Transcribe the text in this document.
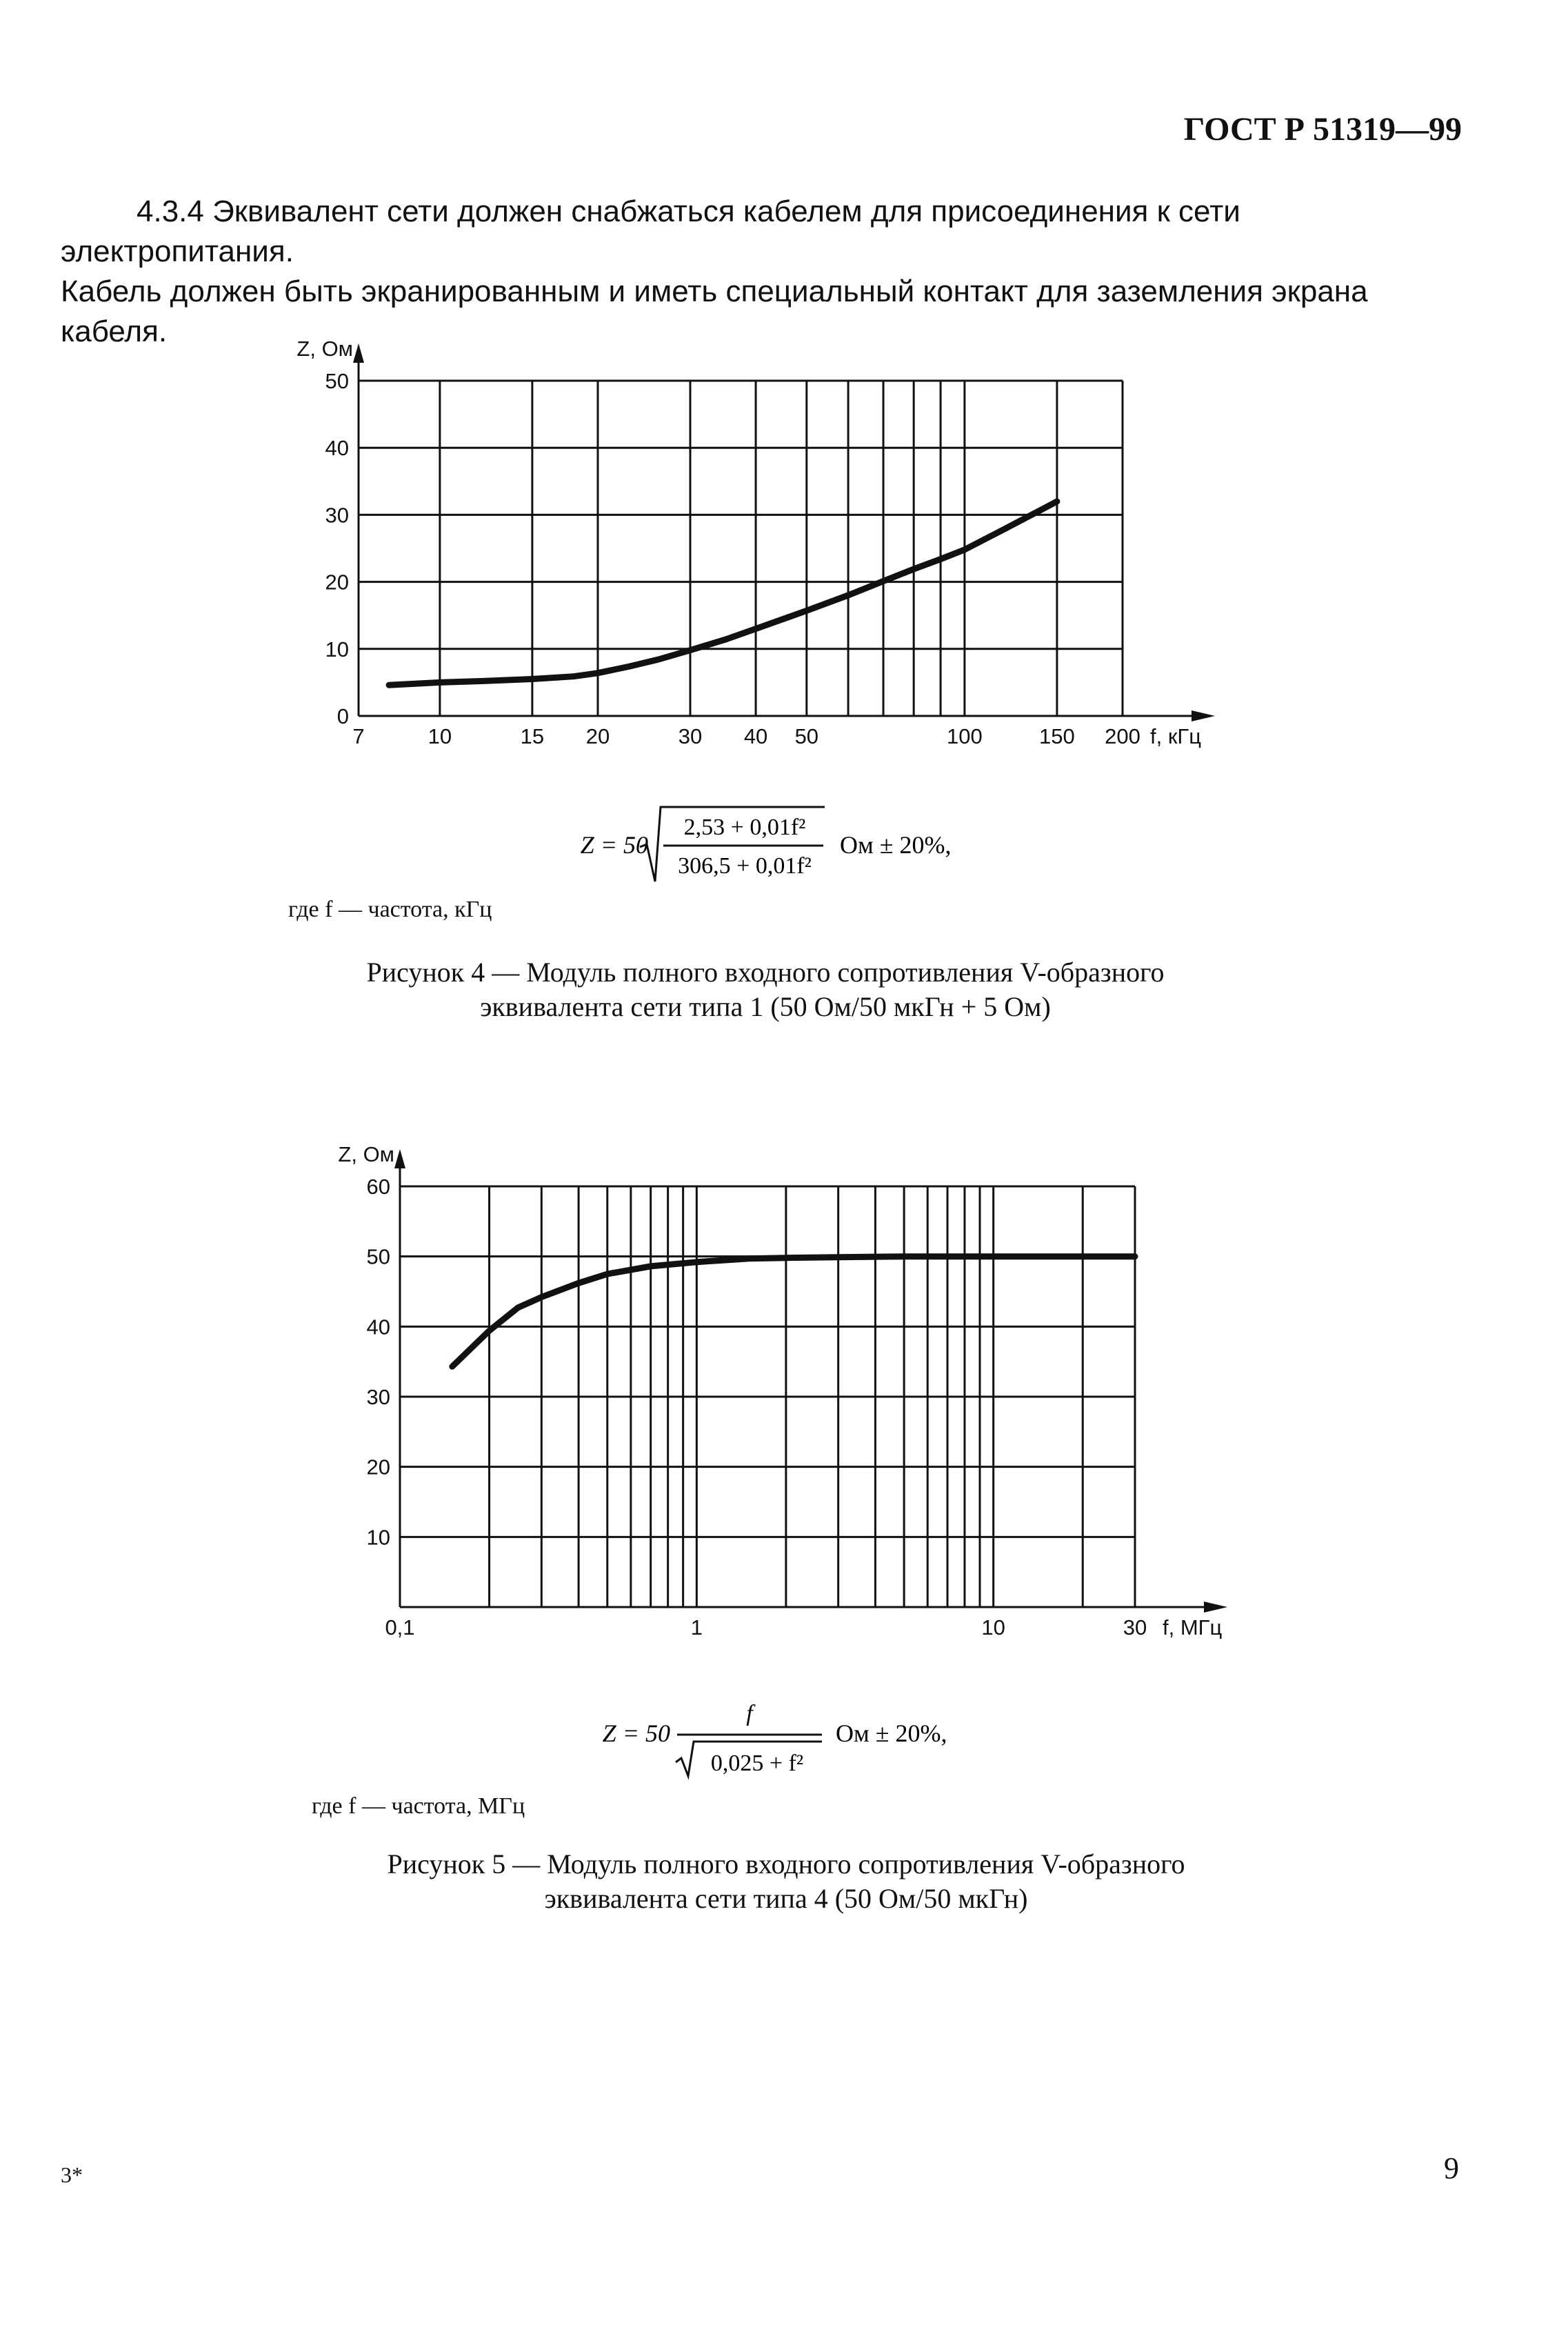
ГОСТ Р 51319—99

4.3.4 Эквивалент сети должен снабжаться кабелем для присоединения к сети электропитания.
Кабель должен быть экранированным и иметь специальный контакт для заземления экрана кабеля.

0
10
20
30
40
50
Z, Ом
7	10	15 20	30 40 50	100	150 200 f, кГц
Z = 50
2,53 + 0,01f²
306,5 + 0,01f²
Ом ± 20%,
где f — частота, кГц
Рисунок 4 — Модуль полного входного сопротивления V-образного
эквивалента сети типа 1 (50 Ом/50 мкГн + 5 Ом)
10
20
30
40
50
60
Z, Ом
0,1	1	10	30 f, МГц
Z = 50
f
0,025 + f²
Ом ± 20%,
где f — частота, МГц
Рисунок 5 — Модуль полного входного сопротивления V-образного
эквивалента сети типа 4 (50 Ом/50 мкГн)
3*	9
